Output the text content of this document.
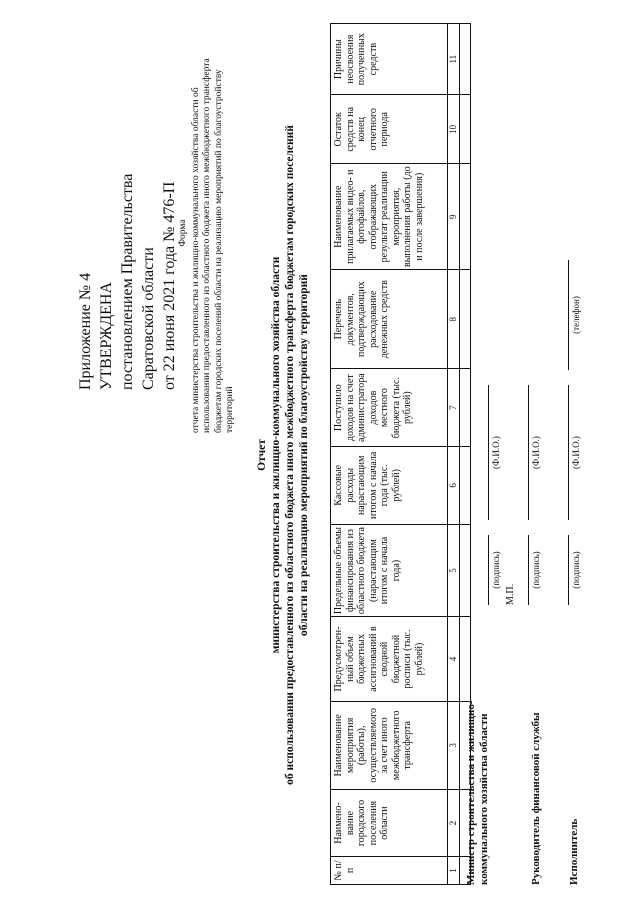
Приложение № 4 УТВЕРЖДЕНА постановлением Правительства Саратовской области от 22 июня 2021 года № 476-П Форма отчета министерства строительства и жилищно-коммунального хозяйства области об использовании предоставленного из областного бюджета иного межбюджетного трансферта бюджетам городских поселений области на реализацию мероприятий по благоустройству территорий
Отчет министерства строительства и жилищно-коммунального хозяйства области об использовании предоставленного из областного бюджета иного межбюджетного трансферта бюджетам городских поселений области на реализацию мероприятий по благоустройству территорий
№ п/п	Наимено-вание городского поселения области	Наименование мероприятия (работы), осуществляемого за счет иного межбюджетного трансферта	Предусмотрен-ный объем бюджетных ассигнований в сводной бюджетной росписи (тыс. рублей)	Предельные объемы финансирования из областного бюджета (нарастающим итогом с начала года)	Кассовые расходы нарастающим итогом с начала года (тыс. рублей)	Поступило доходов на счет администратора доходов местного бюджета (тыс. рублей)	Перечень документов, подтверждающих расходование денежных средств	Наименование прилагаемых видео- и фотофайлов, отображающих результат реализации мероприятия, выполнения работы (до и после завершения)	Остаток средств на конец отчетного периода	Причины неосвоения полученных средств
1	2	3	4	5	6	7	8	9	10	11

Министр строительства и жилищно-коммунального хозяйства области
(подпись)
(Ф.И.О.)
М.П.
Руководитель финансовой службы
(подпись)
(Ф.И.О.)
Исполнитель
(подпись)
(Ф.И.О.)
(телефон)
